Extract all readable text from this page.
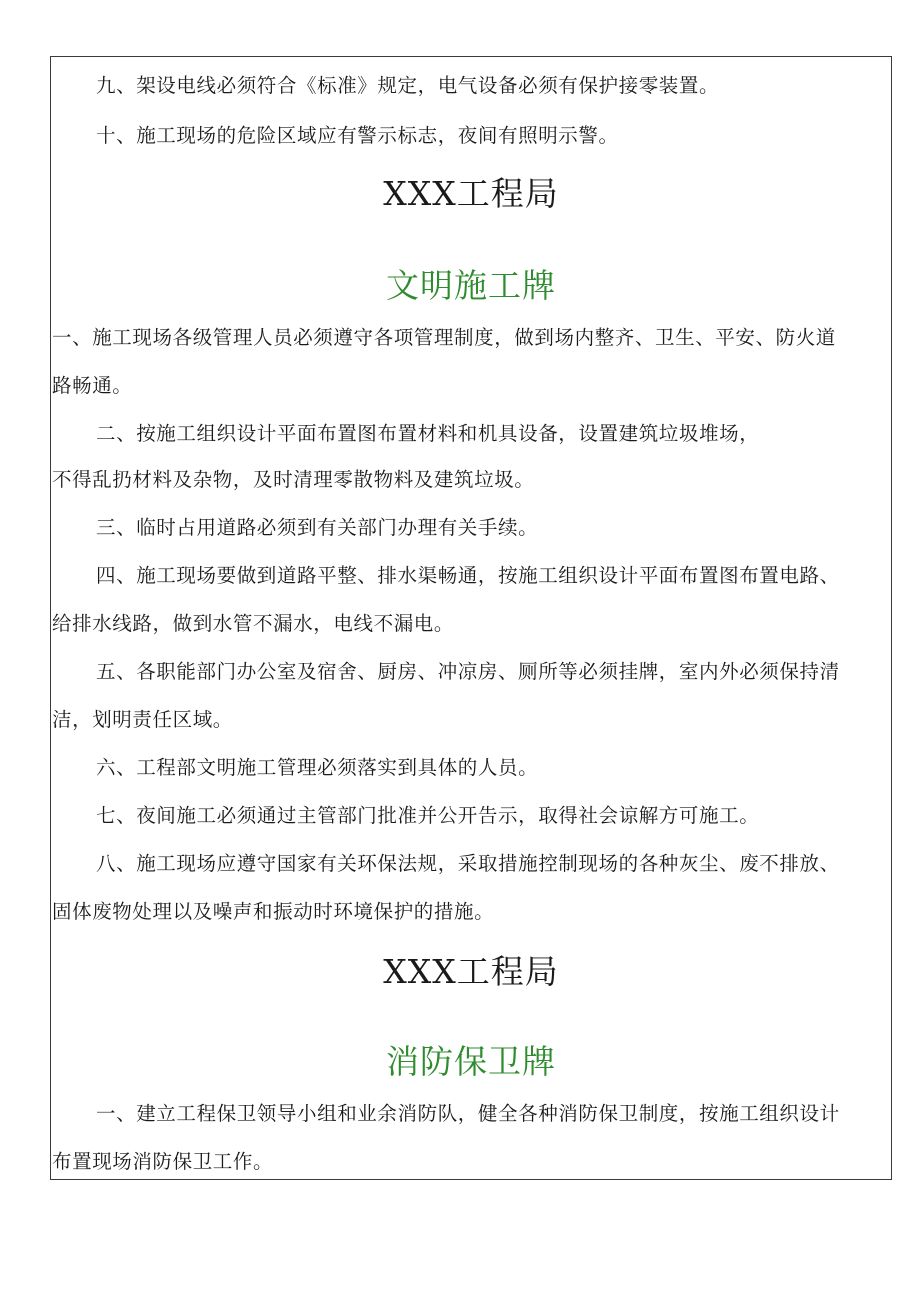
九、架设电线必须符合《标准》规定，电气设备必须有保护接零装置。
十、施工现场的危险区域应有警示标志，夜间有照明示警。
XXX工程局
文明施工牌
一、施工现场各级管理人员必须遵守各项管理制度，做到场内整齐、卫生、平安、防火道
路畅通。
二、按施工组织设计平面布置图布置材料和机具设备，设置建筑垃圾堆场，
不得乱扔材料及杂物，及时清理零散物料及建筑垃圾。
三、临时占用道路必须到有关部门办理有关手续。
四、施工现场要做到道路平整、排水渠畅通，按施工组织设计平面布置图布置电路、
给排水线路，做到水管不漏水，电线不漏电。
五、各职能部门办公室及宿舍、厨房、冲凉房、厕所等必须挂牌，室内外必须保持清
洁，划明责任区域。
六、工程部文明施工管理必须落实到具体的人员。
七、夜间施工必须通过主管部门批准并公开告示，取得社会谅解方可施工。
八、施工现场应遵守国家有关环保法规，采取措施控制现场的各种灰尘、废不排放、
固体废物处理以及噪声和振动时环境保护的措施。
XXX工程局
消防保卫牌
一、建立工程保卫领导小组和业余消防队，健全各种消防保卫制度，按施工组织设计
布置现场消防保卫工作。
